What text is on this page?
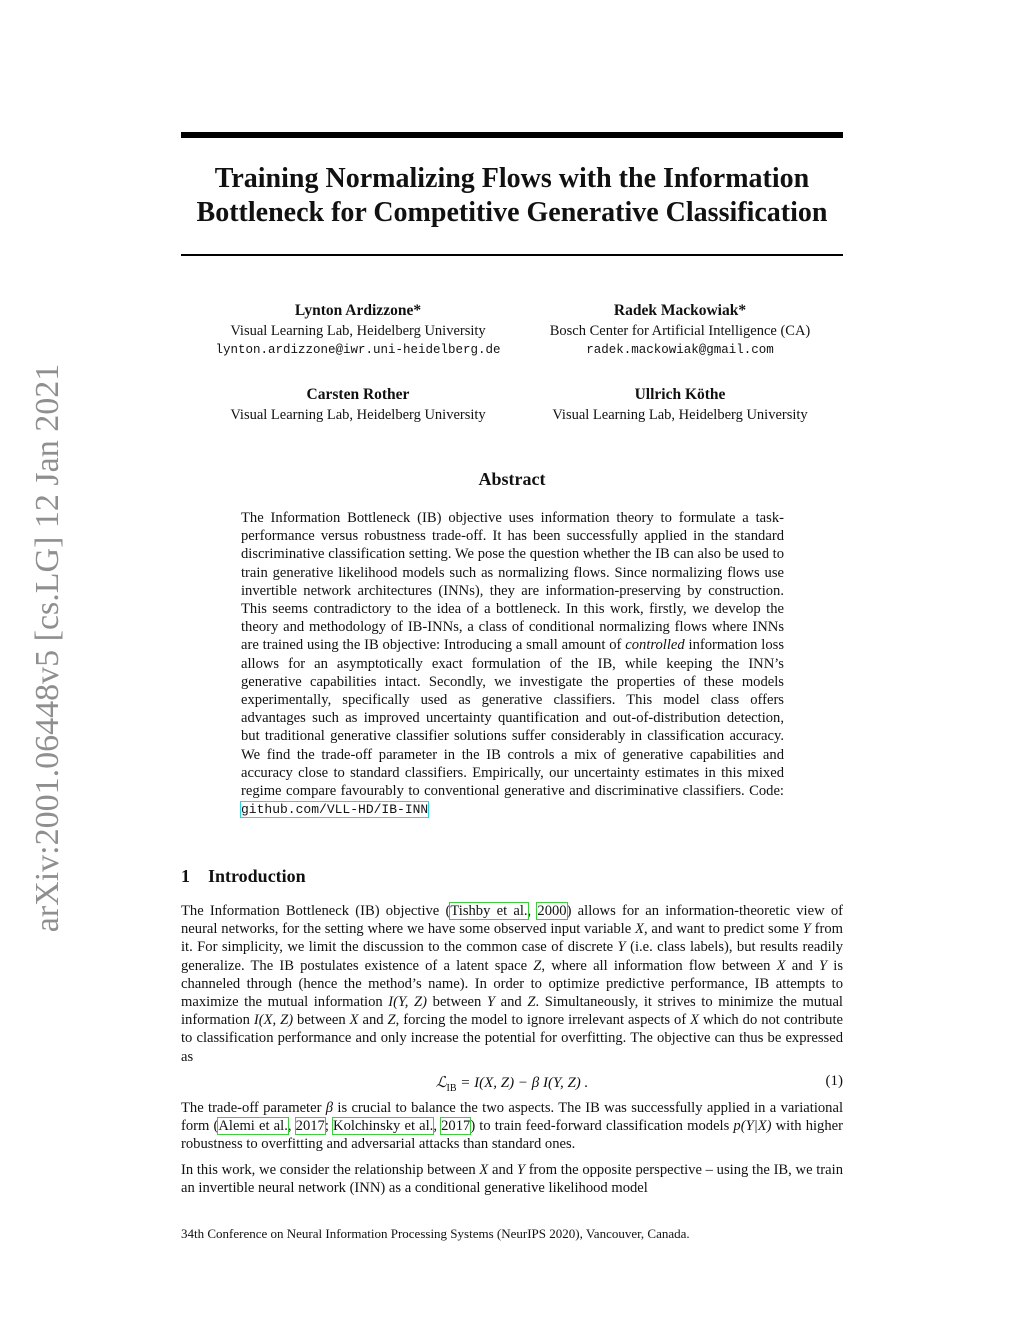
arXiv:2001.06448v5 [cs.LG] 12 Jan 2021
Training Normalizing Flows with the Information
Bottleneck for Competitive Generative Classification
Lynton Ardizzone*
Visual Learning Lab, Heidelberg University
lynton.ardizzone@iwr.uni-heidelberg.de
Radek Mackowiak*
Bosch Center for Artificial Intelligence (CA)
radek.mackowiak@gmail.com
Carsten Rother
Visual Learning Lab, Heidelberg University
Ullrich Köthe
Visual Learning Lab, Heidelberg University
Abstract

The Information Bottleneck (IB) objective uses information theory to formulate a task-performance versus robustness trade-off. It has been successfully applied in the standard discriminative classification setting. We pose the question whether the IB can also be used to train generative likelihood models such as normalizing flows. Since normalizing flows use invertible network architectures (INNs), they are information-preserving by construction. This seems contradictory to the idea of a bottleneck. In this work, firstly, we develop the theory and methodology of IB-INNs, a class of conditional normalizing flows where INNs are trained using the IB objective: Introducing a small amount of controlled information loss allows for an asymptotically exact formulation of the IB, while keeping the INN’s generative capabilities intact. Secondly, we investigate the properties of these models experimentally, specifically used as generative classifiers. This model class offers advantages such as improved uncertainty quantification and out-of-distribution detection, but traditional generative classifier solutions suffer considerably in classification accuracy. We find the trade-off parameter in the IB controls a mix of generative capabilities and accuracy close to standard classifiers. Empirically, our uncertainty estimates in this mixed regime compare favourably to conventional generative and discriminative classifiers. Code: github.com/VLL-HD/IB-INN

1 Introduction

The Information Bottleneck (IB) objective (Tishby et al., 2000) allows for an information-theoretic view of neural networks, for the setting where we have some observed input variable X, and want to predict some Y from it. For simplicity, we limit the discussion to the common case of discrete Y (i.e. class labels), but results readily generalize. The IB postulates existence of a latent space Z, where all information flow between X and Y is channeled through (hence the method’s name). In order to optimize predictive performance, IB attempts to maximize the mutual information I(Y, Z) between Y and Z. Simultaneously, it strives to minimize the mutual information I(X, Z) between X and Z, forcing the model to ignore irrelevant aspects of X which do not contribute to classification performance and only increase the potential for overfitting. The objective can thus be expressed as

ℒ$_{IB}$ = I(X, Z) − β I(Y, Z) .	(1)

The trade-off parameter β is crucial to balance the two aspects. The IB was successfully applied in a variational form (Alemi et al., 2017; Kolchinsky et al., 2017) to train feed-forward classification models p(Y|X) with higher robustness to overfitting and adversarial attacks than standard ones.

In this work, we consider the relationship between X and Y from the opposite perspective – using the IB, we train an invertible neural network (INN) as a conditional generative likelihood model

34th Conference on Neural Information Processing Systems (NeurIPS 2020), Vancouver, Canada.
